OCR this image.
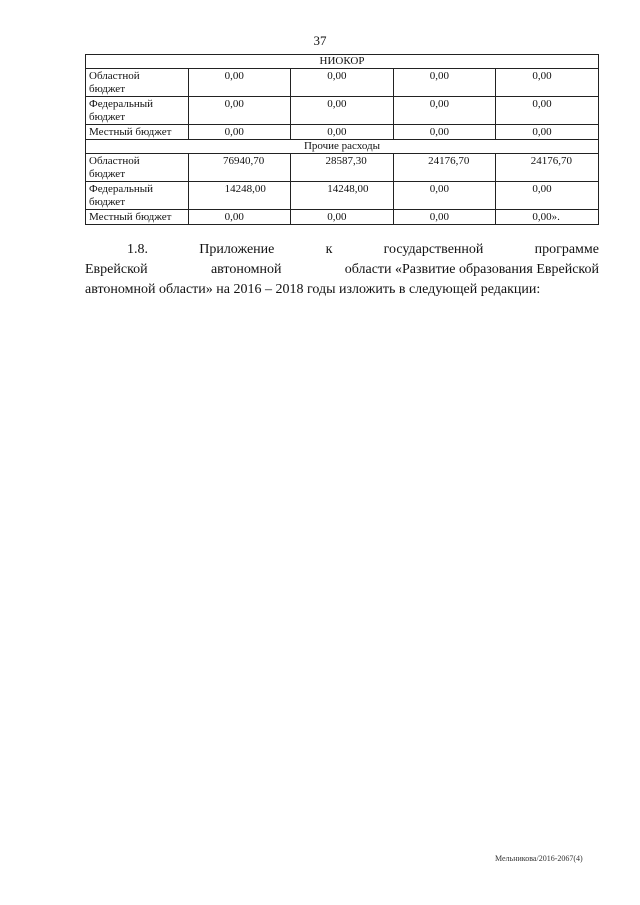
37
НИОКОР				
Областной
бюджет	0,00	0,00	0,00	0,00
Федеральный
бюджет	0,00	0,00	0,00	0,00
Местный бюджет	0,00	0,00	0,00	0,00
Прочие расходы				
Областной
бюджет	76940,70	28587,30	24176,70	24176,70
Федеральный
бюджет	14248,00	14248,00	0,00	0,00
Местный бюджет	0,00	0,00	0,00	0,00».
1.8.	Приложение	к	государственной	программе
Еврейской	автономной	области «Развитие образования Еврейской
автономной области» на 2016 – 2018 годы изложить в следующей редакции:
Мельникова/2016-2067(4)
